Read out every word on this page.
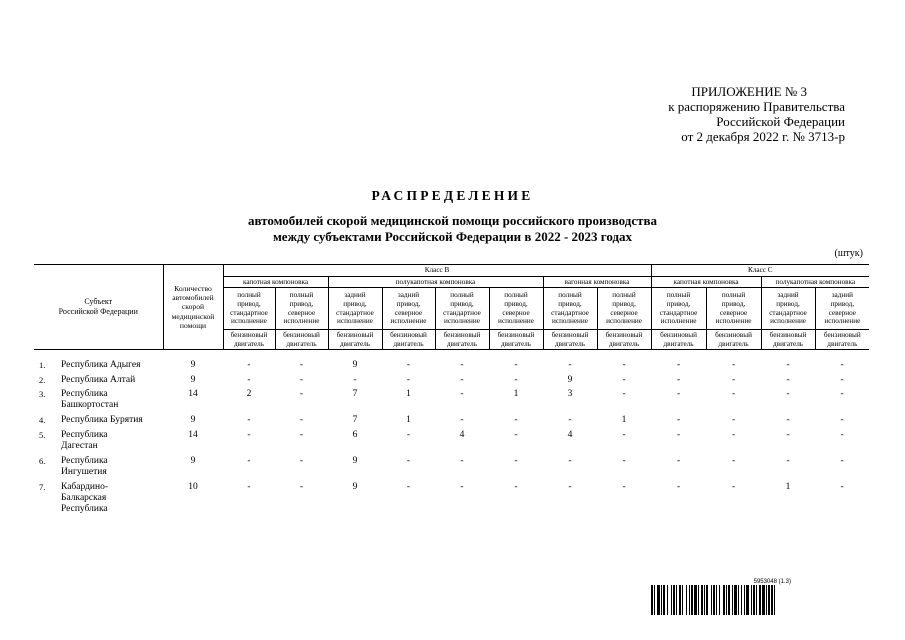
ПРИЛОЖЕНИЕ № 3
к распоряжению Правительства
Российской Федерации
от 2 декабря 2022 г. № 3713-р
РАСПРЕДЕЛЕНИЕ
автомобилей скорой медицинской помощи российского производства
между субъектами Российской Федерации в 2022 - 2023 годах
(штук)
Субъект
Российской Федерации		Количество
автомобилей
скорой
медицинской
помощи	Класс В								Класс С			
			капотная компоновка		полукапотная компоновка				вагонная компоновка		капотная компоновка		полукапотная компоновка	
			полный
привод,
стандартное
исполнение	полный
привод,
северное
исполнение	задний
привод,
стандартное
исполнение	задний
привод,
северное
исполнение	полный
привод,
стандартное
исполнение	полный
привод,
северное
исполнение	полный
привод,
стандартное
исполнение	полный
привод,
северное
исполнение	полный
привод,
стандартное
исполнение	полный
привод,
северное
исполнение	задний
привод,
стандартное
исполнение	задний
привод,
северное
исполнение
			бензиновый
двигатель	бензиновый
двигатель	бензиновый
двигатель	бензиновый
двигатель	бензиновый
двигатель	бензиновый
двигатель	бензиновый
двигатель	бензиновый
двигатель	бензиновый
двигатель	бензиновый
двигатель	бензиновый
двигатель	бензиновый
двигатель

1.	Республика Адыгея	9	-	-	9	-	-	-	-	-	-	-	-	-

2.	Республика Алтай	9	-	-	-	-	-	-	9	-	-	-	-	-

3.	Республика
Башкортостан	14	2	-	7	1	-	1	3	-	-	-	-	-

4.	Республика Бурятия	9	-	-	7	1	-	-	-	1	-	-	-	-

5.	Республика
Дагестан	14	-	-	6	-	4	-	4	-	-	-	-	-

6.	Республика
Ингушетия	9	-	-	9	-	-	-	-	-	-	-	-	-

7.	Кабардино-
Балкарская
Республика	10	-	-	9	-	-	-	-	-	-	-	1	-

5953048 (1.3)
